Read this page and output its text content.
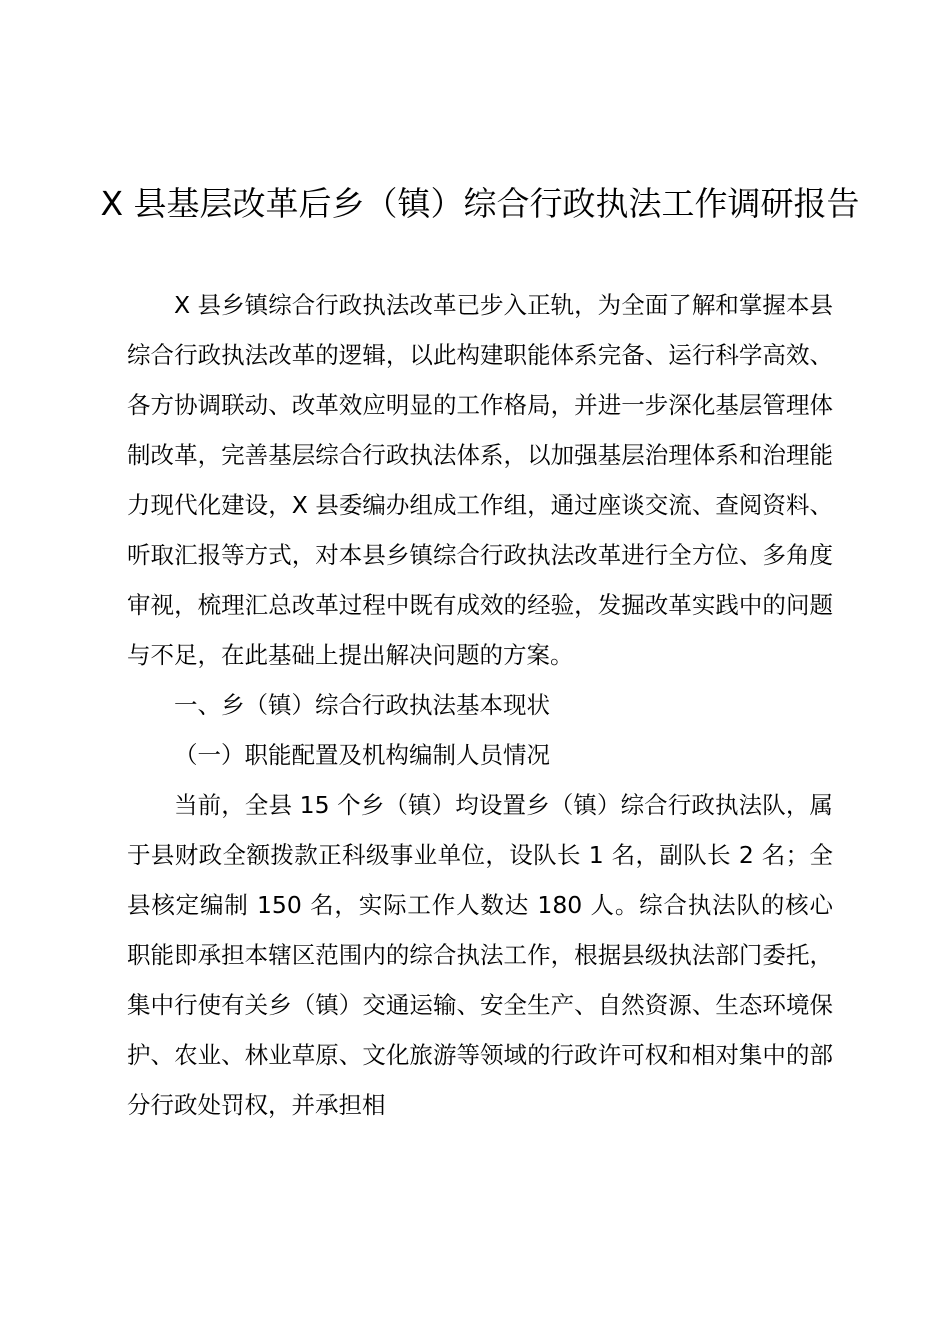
X 县基层改革后乡（镇）综合行政执法工作调研报告

X 县乡镇综合行政执法改革已步入正轨，为全面了解和掌握本县综合行政执法改革的逻辑，以此构建职能体系完备、运行科学高效、各方协调联动、改革效应明显的工作格局，并进一步深化基层管理体制改革，完善基层综合行政执法体系，以加强基层治理体系和治理能力现代化建设，X 县委编办组成工作组，通过座谈交流、查阅资料、听取汇报等方式，对本县乡镇综合行政执法改革进行全方位、多角度审视，梳理汇总改革过程中既有成效的经验，发掘改革实践中的问题与不足，在此基础上提出解决问题的方案。

一、乡（镇）综合行政执法基本现状

（一）职能配置及机构编制人员情况

当前，全县 15 个乡（镇）均设置乡（镇）综合行政执法队，属于县财政全额拨款正科级事业单位，设队长 1 名，副队长 2 名；全县核定编制 150 名，实际工作人数达 180 人。综合执法队的核心职能即承担本辖区范围内的综合执法工作，根据县级执法部门委托，集中行使有关乡（镇）交通运输、安全生产、自然资源、生态环境保护、农业、林业草原、文化旅游等领域的行政许可权和相对集中的部分行政处罚权，并承担相
